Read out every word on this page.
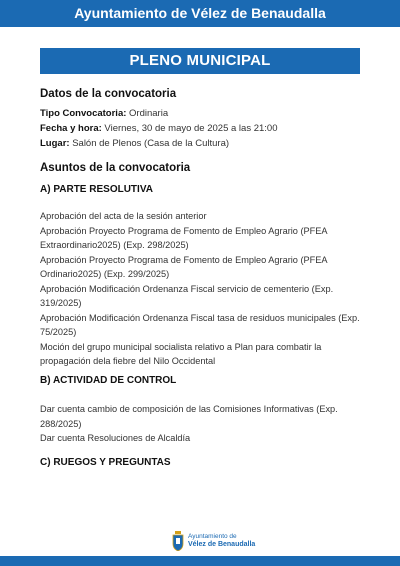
Ayuntamiento de Vélez de Benaudalla
PLENO MUNICIPAL
Datos de la convocatoria
Tipo Convocatoria: Ordinaria
Fecha y hora: Viernes, 30 de mayo de 2025 a las 21:00
Lugar: Salón de Plenos (Casa de la Cultura)
Asuntos de la convocatoria
A) PARTE RESOLUTIVA
Aprobación del acta de la sesión anterior
Aprobación Proyecto Programa de Fomento de Empleo Agrario (PFEA Extraordinario2025) (Exp. 298/2025)
Aprobación Proyecto Programa de Fomento de Empleo Agrario (PFEA Ordinario2025) (Exp. 299/2025)
Aprobación Modificación Ordenanza Fiscal servicio de cementerio (Exp. 319/2025)
Aprobación Modificación Ordenanza Fiscal tasa de residuos municipales (Exp. 75/2025)
Moción del grupo municipal socialista relativo a Plan para combatir la propagación dela fiebre del Nilo Occidental
B) ACTIVIDAD DE CONTROL
Dar cuenta cambio de composición de las Comisiones Informativas (Exp. 288/2025)
Dar cuenta Resoluciones de Alcaldía
C) RUEGOS Y PREGUNTAS
Ayuntamiento de
Vélez de Benaudalla
